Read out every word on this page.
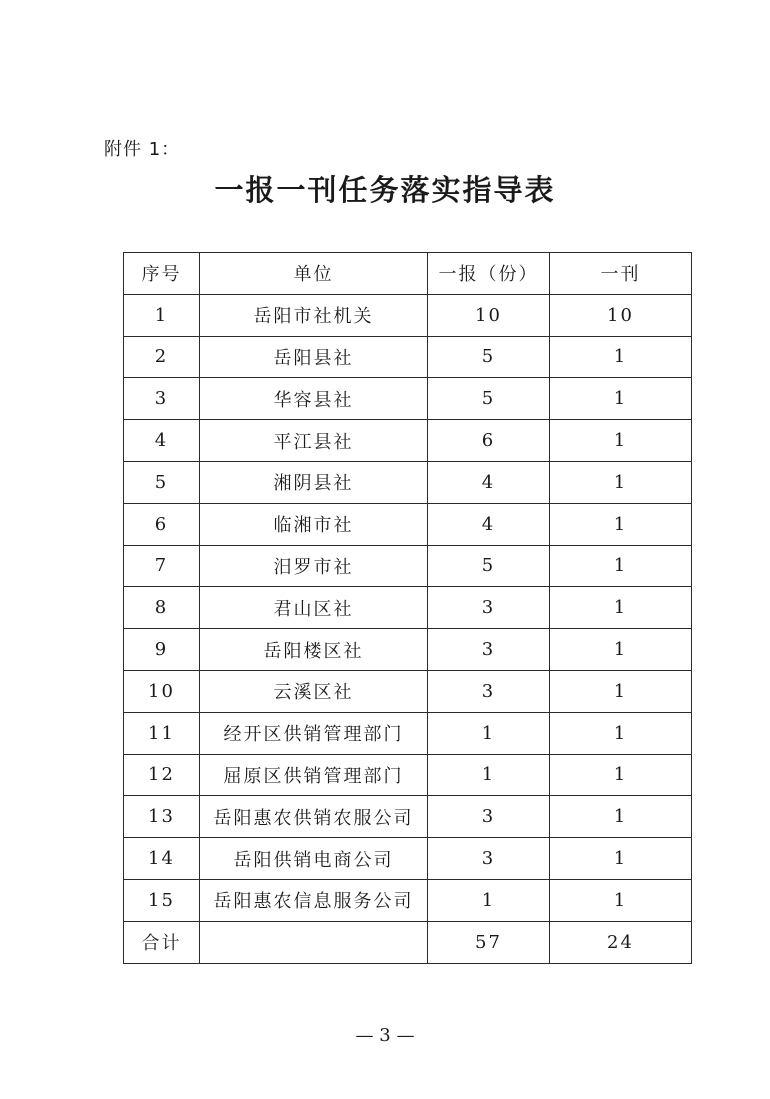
附件 1：
一报一刊任务落实指导表
序号	单位	一报（份）	一刊
1	岳阳市社机关	10	10
2	岳阳县社	5	1
3	华容县社	5	1
4	平江县社	6	1
5	湘阴县社	4	1
6	临湘市社	4	1
7	汨罗市社	5	1
8	君山区社	3	1
9	岳阳楼区社	3	1
10	云溪区社	3	1
11	经开区供销管理部门	1	1
12	屈原区供销管理部门	1	1
13	岳阳惠农供销农服公司	3	1
14	岳阳供销电商公司	3	1
15	岳阳惠农信息服务公司	1	1
合计		57	24
— 3 —
